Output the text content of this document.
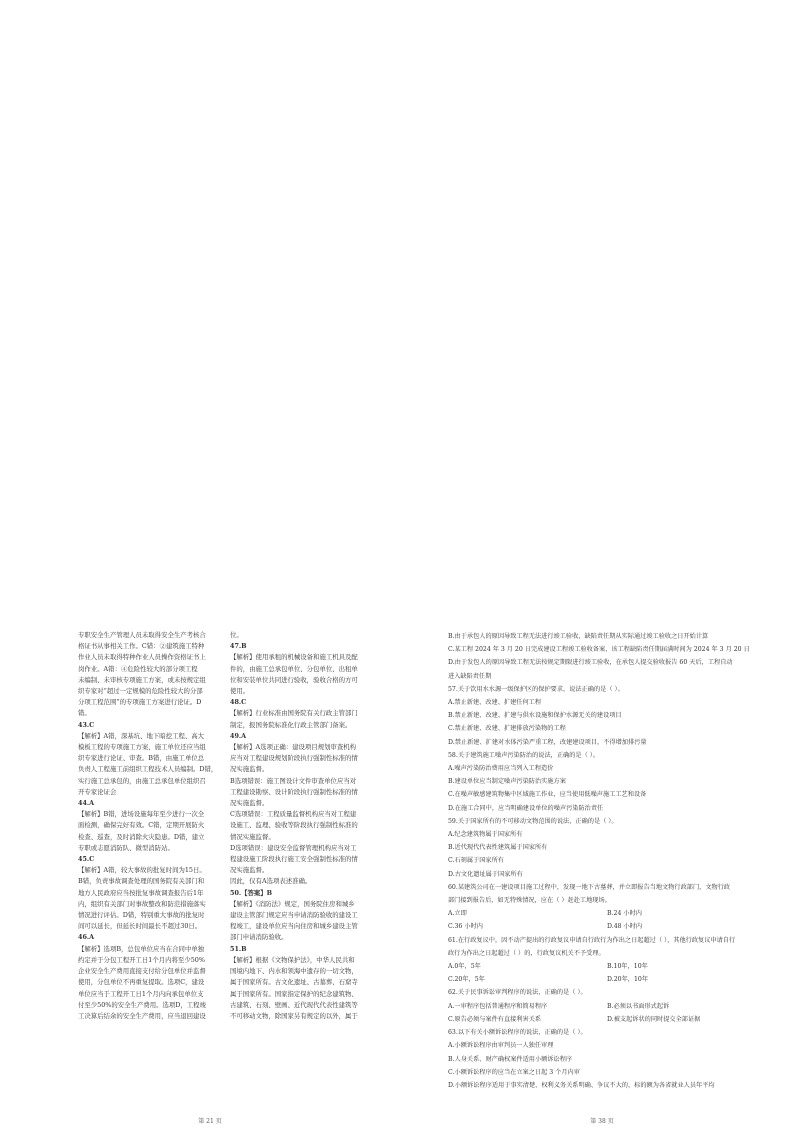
专职安全生产管理人员未取得安全生产考核合
格证书从事相关工作。C错：②建筑施工特种
作业人员未取得特种作业人员操作资格证书上
岗作业。A错：④危险性较大的部分项工程
未编制、未审核专项施工方案，或未按规定组
织专家对“超过一定规模的危险性较大的分部
分项工程范围”的专项施工方案进行论证。D
错。
43.C
【解析】A错，深基坑、地下暗挖工程、高大
模板工程的专项施工方案，施工单位还应当组
织专家进行论证、审查。B错，由施工单位总
负责人工程施工前组织工程技术人员编制。D错，
实行施工总承包的，由施工总承包单位组织召
开专家论证会
44.A
【解析】B错，进场设施每年至少进行一次全
面检测，确保完好有效。C错，定期开展防火
检查、巡查，及时消除火灾隐患。D错，建立
专职或志愿消防队、微型消防站。
45.C
【解析】A错，较大事故的批复时间为15日。
B错，负责事故调查处理的国务院有关部门和
地方人民政府应当按批复事故调查报告后1年
内，组织有关部门对事故整改和防范措施落实
情况进行评估。D错，特别重大事故的批复时
间可以延长，但延长时间最长不超过30日。
46.A
【解析】选项B，总包单位应当在合同中单独
约定并于分包工程开工日1个月内将至少50%
企业安全生产费用直接支付给分包单位并监督
使用，分包单位不再重复提取。选项C，建设
单位应当于工程开工日1个月内向承包单位支
付至少50%的安全生产费用。选项D，工程竣
工决算后结余的安全生产费用，应当退回建设
位。
47.B
【解析】使用承租的机械设备和施工机具及配
件的，由施工总承包单位、分包单位、出租单
位和安装单位共同进行验收，验收合格的方可
使用。
48.C
【解析】行业标准由国务院有关行政主管部门
制定，报国务院标准化行政主管部门备案。
49.A
【解析】A选项正确：建设项目规划审查机构
应当对工程建设规划阶段执行强制性标准的情
况实施监督。
B选项错误：施工图设计文件审查单位应当对
工程建设勘察、设计阶段执行强制性标准的情
况实施监督。
C选项错误：工程质量监督机构应当对工程建
设施工、监理、验收等阶段执行强制性标准的
情况实施监督。
D选项错误：建设安全监督管理机构应当对工
程建设施工阶段执行施工安全强制性标准的情
况实施监督。
因此，仅有A选项表述准确。
50.【答案】B
【解析】《消防法》规定，国务院住房和城乡
建设主管部门规定应当申请消防验收的建设工
程竣工，建设单位应当向住房和城乡建设主管
部门申请消防验收。
51.B
【解析】根据《文物保护法》，中华人民共和
国境内地下、内水和领海中遗存的一切文物，
属于国家所有。古文化遗址、古墓葬、石窟寺
属于国家所有。国家指定保护的纪念建筑物、
古建筑、石刻、壁画、近代现代代表性建筑等
不可移动文物，除国家另有规定的以外，属于
第 21 页
B.由于承包人的原因导致工程无法进行竣工验收，缺陷责任期从实际通过竣工验收之日开始计算
C.某工程 2024 年 3 月 20 日完成建设工程竣工验收备案，该工程缺陷责任期届满时间为 2024 年 3 月 20 日
D.由于发包人的原因导致工程无法按规定期限进行竣工验收，在承包人提交验收报告 60 天后，工程自动
进入缺陷责任期
57.关于饮用水水源一级保护区的保护要求，说法正确的是（ ）。
A.禁止新建、改建、扩建任何工程
B.禁止新建、改建、扩建与供水设施和保护水源无关的建设项目
C.禁止新建、改建、扩建排放污染物的工程
D.禁止新建、扩建对水体污染严重工程，改建建设项目，不得增加排污量
58.关于建筑施工噪声污染防治的说法，正确的是（ ）。
A.噪声污染防治费用应当列入工程造价
B.建设单位应当制定噪声污染防治实施方案
C.在噪声敏感建筑物集中区域施工作业，应当使用低噪声施工工艺和设备
D.在施工合同中，应当明确建设单位的噪声污染防治责任
59.关于国家所有的不可移动文物范围的说法，正确的是（ ）。
A.纪念建筑物属于国家所有
B.近代现代代表性建筑属于国家所有
C.石刻属于国家所有
D.古文化遗址属于国家所有
60.某建筑公司在一建设项目施工过程中，发现一地下古墓葬，并立即报告当地文物行政部门，文物行政
部门接到报告后，如无特殊情况，应在（ ）赶赴工地现场。
A.立即	B.24 小时内
C.36 小时内	D.48 小时内
61.在行政复议中，因不动产提出的行政复议申请自行政行为作出之日起超过（ ），其他行政复议申请自行
政行为作出之日起超过（ ）的，行政复议机关不予受理。
A.0年，5年	B.10年，10年
C.20年，5年	D.20年，10年
62.关于民事诉讼审判程序的说法，正确的是（ ）。
A.一审程序包括普通程序和简易程序	B.必须以书面形式起诉
C.原告必须与案件有直接利害关系	D.被支起诉状的同时提交全部证据
63.以下有关小额诉讼程序的说法，正确的是（ ）。
A.小额诉讼程序由审判员一人独任审理
B.人身关系、财产确权案件适用小额诉讼程序
C.小额诉讼程序的应当在立案之日起 3 个月内审
D.小额诉讼程序适用于事实清楚、权利义务关系明确、争议不大的，标的额为各省就业人员年平均
第 38 页
